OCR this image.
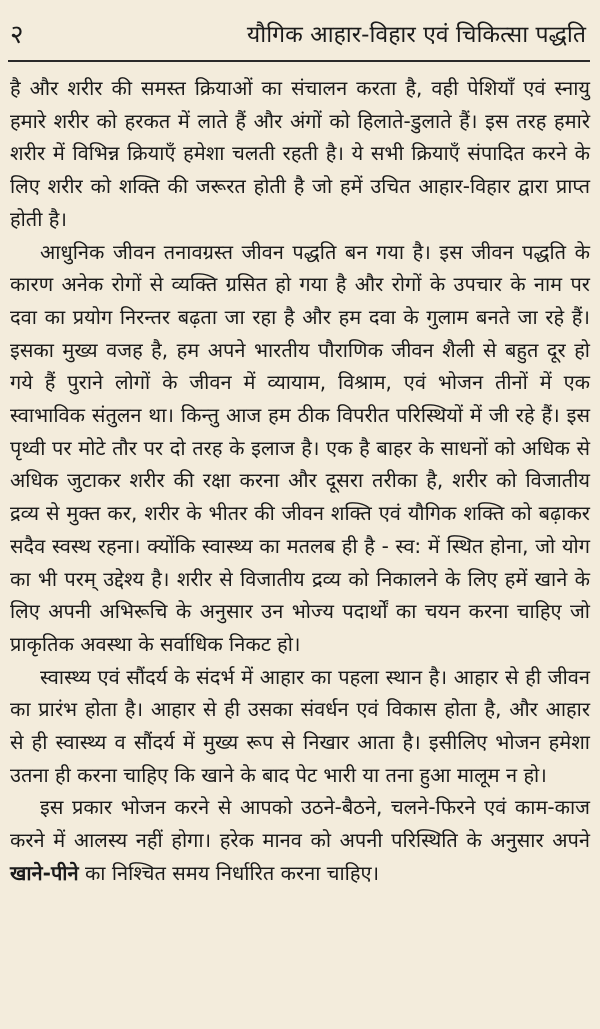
२	यौगिक आहार-विहार एवं चिकित्सा पद्धति

है और शरीर की समस्त क्रियाओं का संचालन करता है, वही पेशियाँ एवं स्नायु हमारे शरीर को हरकत में लाते हैं और अंगों को हिलाते-डुलाते हैं। इस तरह हमारे शरीर में विभिन्न क्रियाएँ हमेशा चलती रहती है। ये सभी क्रियाएँ संपादित करने के लिए शरीर को शक्ति की जरूरत होती है जो हमें उचित आहार-विहार द्वारा प्राप्त होती है।

आधुनिक जीवन तनावग्रस्त जीवन पद्धति बन गया है। इस जीवन पद्धति के कारण अनेक रोगों से व्यक्ति ग्रसित हो गया है और रोगों के उपचार के नाम पर दवा का प्रयोग निरन्तर बढ़ता जा रहा है और हम दवा के गुलाम बनते जा रहे हैं। इसका मुख्य वजह है, हम अपने भारतीय पौराणिक जीवन शैली से बहुत दूर हो गये हैं पुराने लोगों के जीवन में व्यायाम, विश्राम, एवं भोजन तीनों में एक स्वाभाविक संतुलन था। किन्तु आज हम ठीक विपरीत परिस्थियों में जी रहे हैं। इस पृथ्वी पर मोटे तौर पर दो तरह के इलाज है। एक है बाहर के साधनों को अधिक से अधिक जुटाकर शरीर की रक्षा करना और दूसरा तरीका है, शरीर को विजातीय द्रव्य से मुक्त कर, शरीर के भीतर की जीवन शक्ति एवं यौगिक शक्ति को बढ़ाकर सदैव स्वस्थ रहना। क्योंकि स्वास्थ्य का मतलब ही है - स्व: में स्थित होना, जो योग का भी परम् उद्देश्य है। शरीर से विजातीय द्रव्य को निकालने के लिए हमें खाने के लिए अपनी अभिरूचि के अनुसार उन भोज्य पदार्थों का चयन करना चाहिए जो प्राकृतिक अवस्था के सर्वाधिक निकट हो।

स्वास्थ्य एवं सौंदर्य के संदर्भ में आहार का पहला स्थान है। आहार से ही जीवन का प्रारंभ होता है। आहार से ही उसका संवर्धन एवं विकास होता है, और आहार से ही स्वास्थ्य व सौंदर्य में मुख्य रूप से निखार आता है। इसीलिए भोजन हमेशा उतना ही करना चाहिए कि खाने के बाद पेट भारी या तना हुआ मालूम न हो।

इस प्रकार भोजन करने से आपको उठने-बैठने, चलने-फिरने एवं काम-काज करने में आलस्य नहीं होगा। हरेक मानव को अपनी परिस्थिति के अनुसार अपने खाने-पीने का निश्चित समय निर्धारित करना चाहिए।
